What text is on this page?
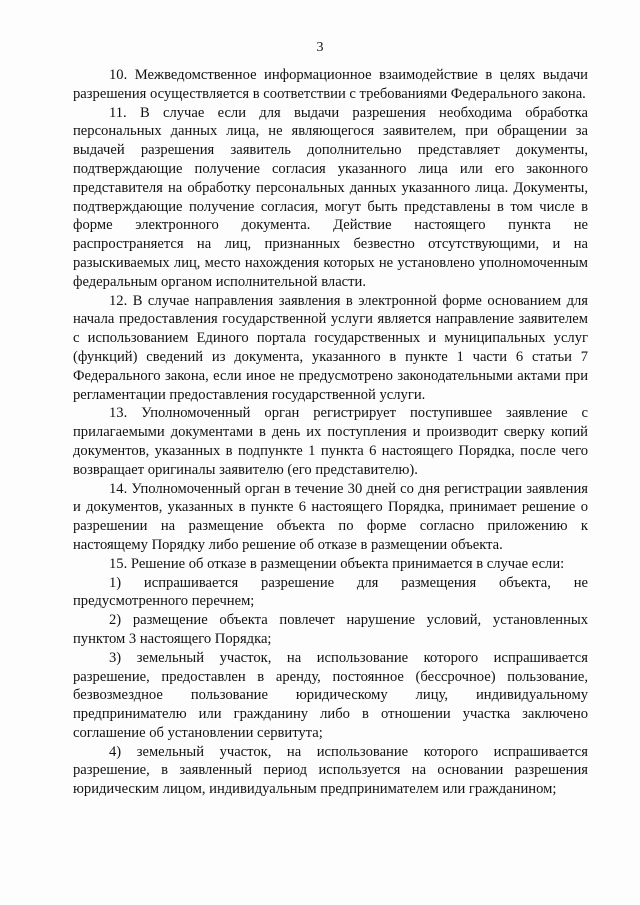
3

10. Межведомственное информационное взаимодействие в целях выдачи разрешения осуществляется в соответствии с требованиями Федерального закона.

11. В случае если для выдачи разрешения необходима обработка персональных данных лица, не являющегося заявителем, при обращении за выдачей разрешения заявитель дополнительно представляет документы, подтверждающие получение согласия указанного лица или его законного представителя на обработку персональных данных указанного лица. Документы, подтверждающие получение согласия, могут быть представлены в том числе в форме электронного документа. Действие настоящего пункта не распространяется на лиц, признанных безвестно отсутствующими, и на разыскиваемых лиц, место нахождения которых не установлено уполномоченным федеральным органом исполнительной власти.

12. В случае направления заявления в электронной форме основанием для начала предоставления государственной услуги является направление заявителем с использованием Единого портала государственных и муниципальных услуг (функций) сведений из документа, указанного в пункте 1 части 6 статьи 7 Федерального закона, если иное не предусмотрено законодательными актами при регламентации предоставления государственной услуги.

13. Уполномоченный орган регистрирует поступившее заявление с прилагаемыми документами в день их поступления и производит сверку копий документов, указанных в подпункте 1 пункта 6 настоящего Порядка, после чего возвращает оригиналы заявителю (его представителю).

14. Уполномоченный орган в течение 30 дней со дня регистрации заявления и документов, указанных в пункте 6 настоящего Порядка, принимает решение о разрешении на размещение объекта по форме согласно приложению к настоящему Порядку либо решение об отказе в размещении объекта.

15. Решение об отказе в размещении объекта принимается в случае если:

1) испрашивается разрешение для размещения объекта, не предусмотренного перечнем;

2) размещение объекта повлечет нарушение условий, установленных пунктом 3 настоящего Порядка;

3) земельный участок, на использование которого испрашивается разрешение, предоставлен в аренду, постоянное (бессрочное) пользование, безвозмездное пользование юридическому лицу, индивидуальному предпринимателю или гражданину либо в отношении участка заключено соглашение об установлении сервитута;

4) земельный участок, на использование которого испрашивается разрешение, в заявленный период используется на основании разрешения юридическим лицом, индивидуальным предпринимателем или гражданином;
